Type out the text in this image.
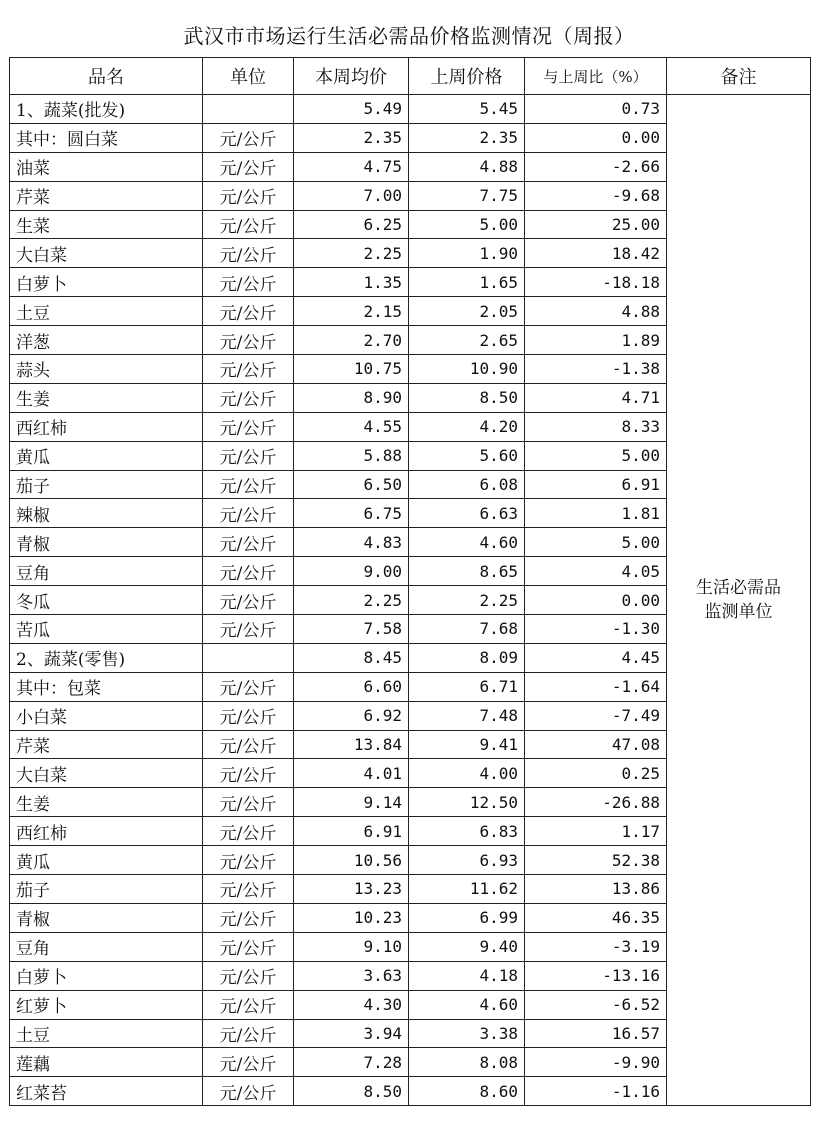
武汉市市场运行生活必需品价格监测情况（周报）
品名	单位	本周均价	上周价格	与上周比（%）	备注
1、蔬菜(批发)		5.49	5.45	0.73	生活必需品
监测单位

其中：圆白菜	元/公斤	2.35	2.35	0.00	
油菜	元/公斤	4.75	4.88	-2.66	
芹菜	元/公斤	7.00	7.75	-9.68	
生菜	元/公斤	6.25	5.00	25.00	
大白菜	元/公斤	2.25	1.90	18.42	
白萝卜	元/公斤	1.35	1.65	-18.18	
土豆	元/公斤	2.15	2.05	4.88	
洋葱	元/公斤	2.70	2.65	1.89	
蒜头	元/公斤	10.75	10.90	-1.38	
生姜	元/公斤	8.90	8.50	4.71	
西红柿	元/公斤	4.55	4.20	8.33	
黄瓜	元/公斤	5.88	5.60	5.00	
茄子	元/公斤	6.50	6.08	6.91	
辣椒	元/公斤	6.75	6.63	1.81	
青椒	元/公斤	4.83	4.60	5.00	
豆角	元/公斤	9.00	8.65	4.05	
冬瓜	元/公斤	2.25	2.25	0.00	
苦瓜	元/公斤	7.58	7.68	-1.30	
2、蔬菜(零售)		8.45	8.09	4.45	
其中：包菜	元/公斤	6.60	6.71	-1.64	
小白菜	元/公斤	6.92	7.48	-7.49	
芹菜	元/公斤	13.84	9.41	47.08	
大白菜	元/公斤	4.01	4.00	0.25	
生姜	元/公斤	9.14	12.50	-26.88	
西红柿	元/公斤	6.91	6.83	1.17	
黄瓜	元/公斤	10.56	6.93	52.38	
茄子	元/公斤	13.23	11.62	13.86	
青椒	元/公斤	10.23	6.99	46.35	
豆角	元/公斤	9.10	9.40	-3.19	
白萝卜	元/公斤	3.63	4.18	-13.16	
红萝卜	元/公斤	4.30	4.60	-6.52	
土豆	元/公斤	3.94	3.38	16.57	
莲藕	元/公斤	7.28	8.08	-9.90	
红菜苔	元/公斤	8.50	8.60	-1.16	
